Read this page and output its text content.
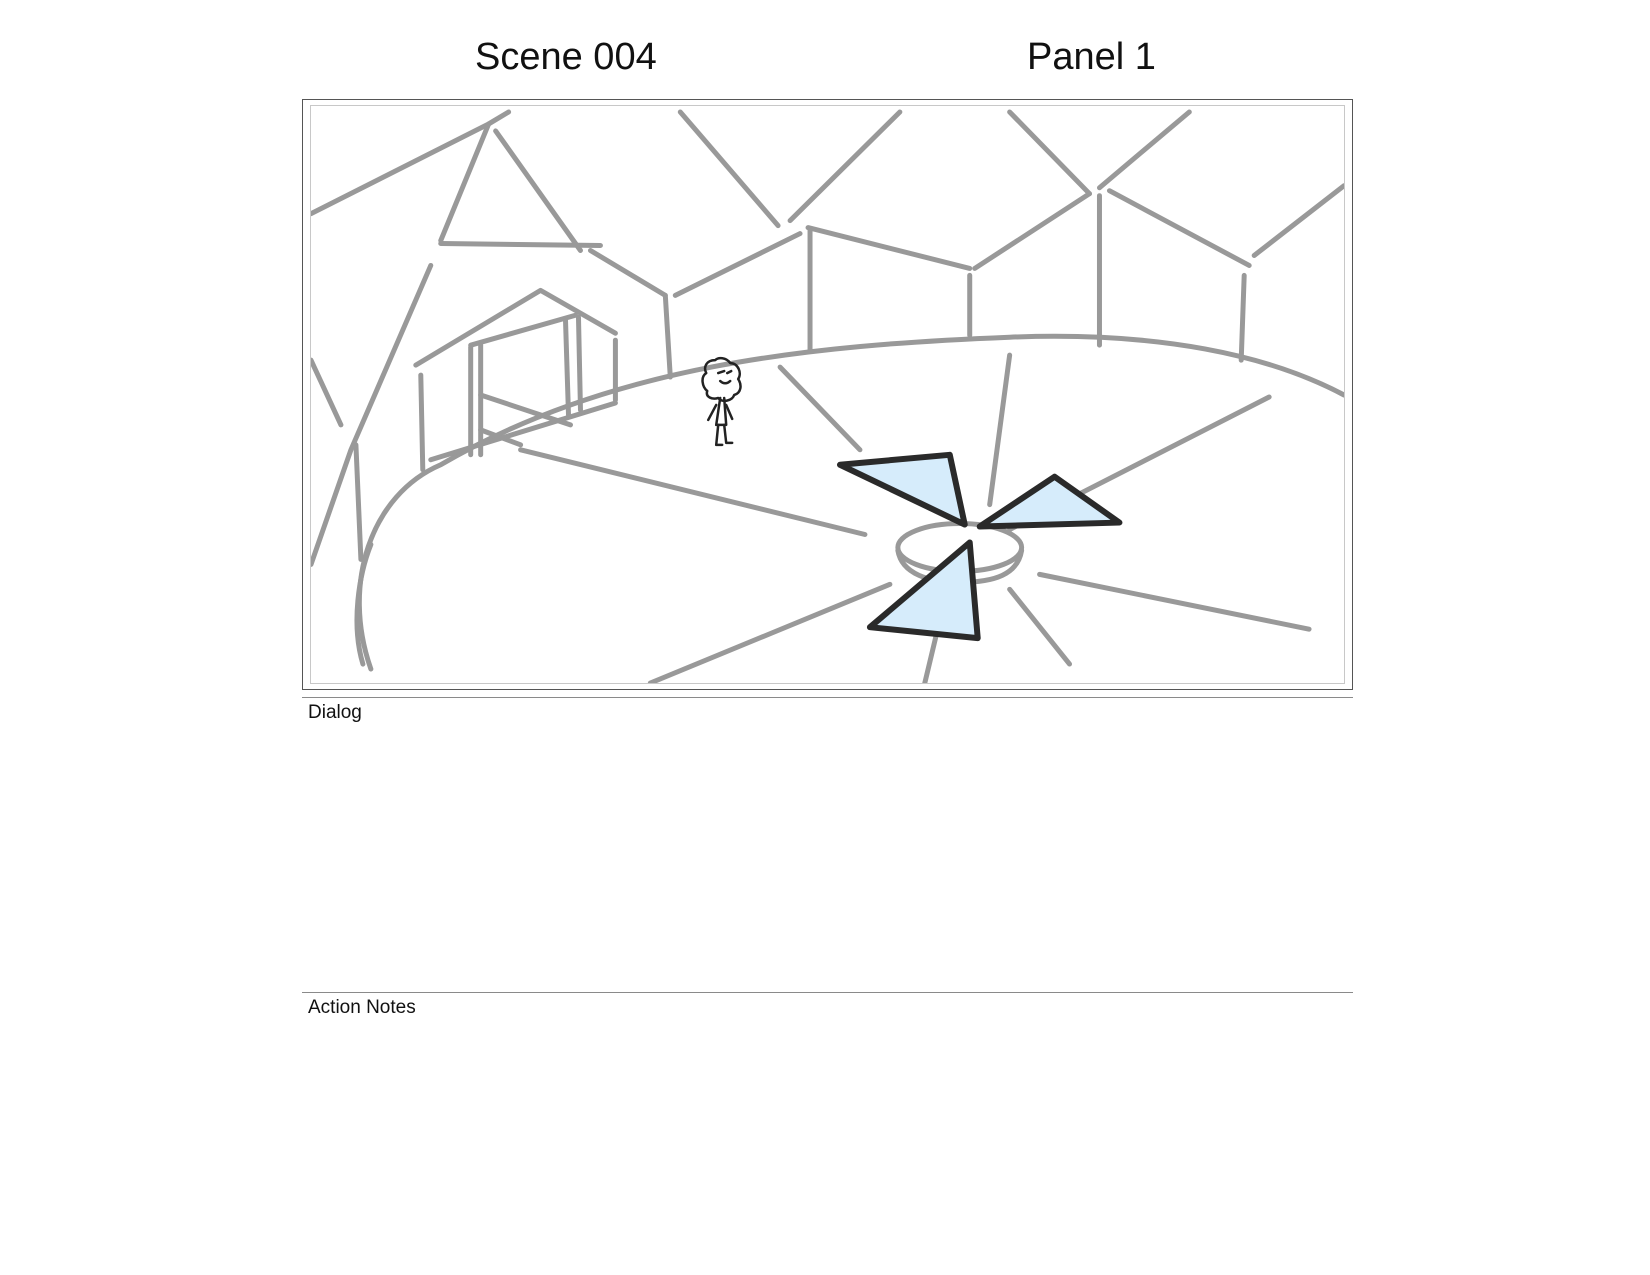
Scene 004	Panel 1
Dialog
Action Notes
